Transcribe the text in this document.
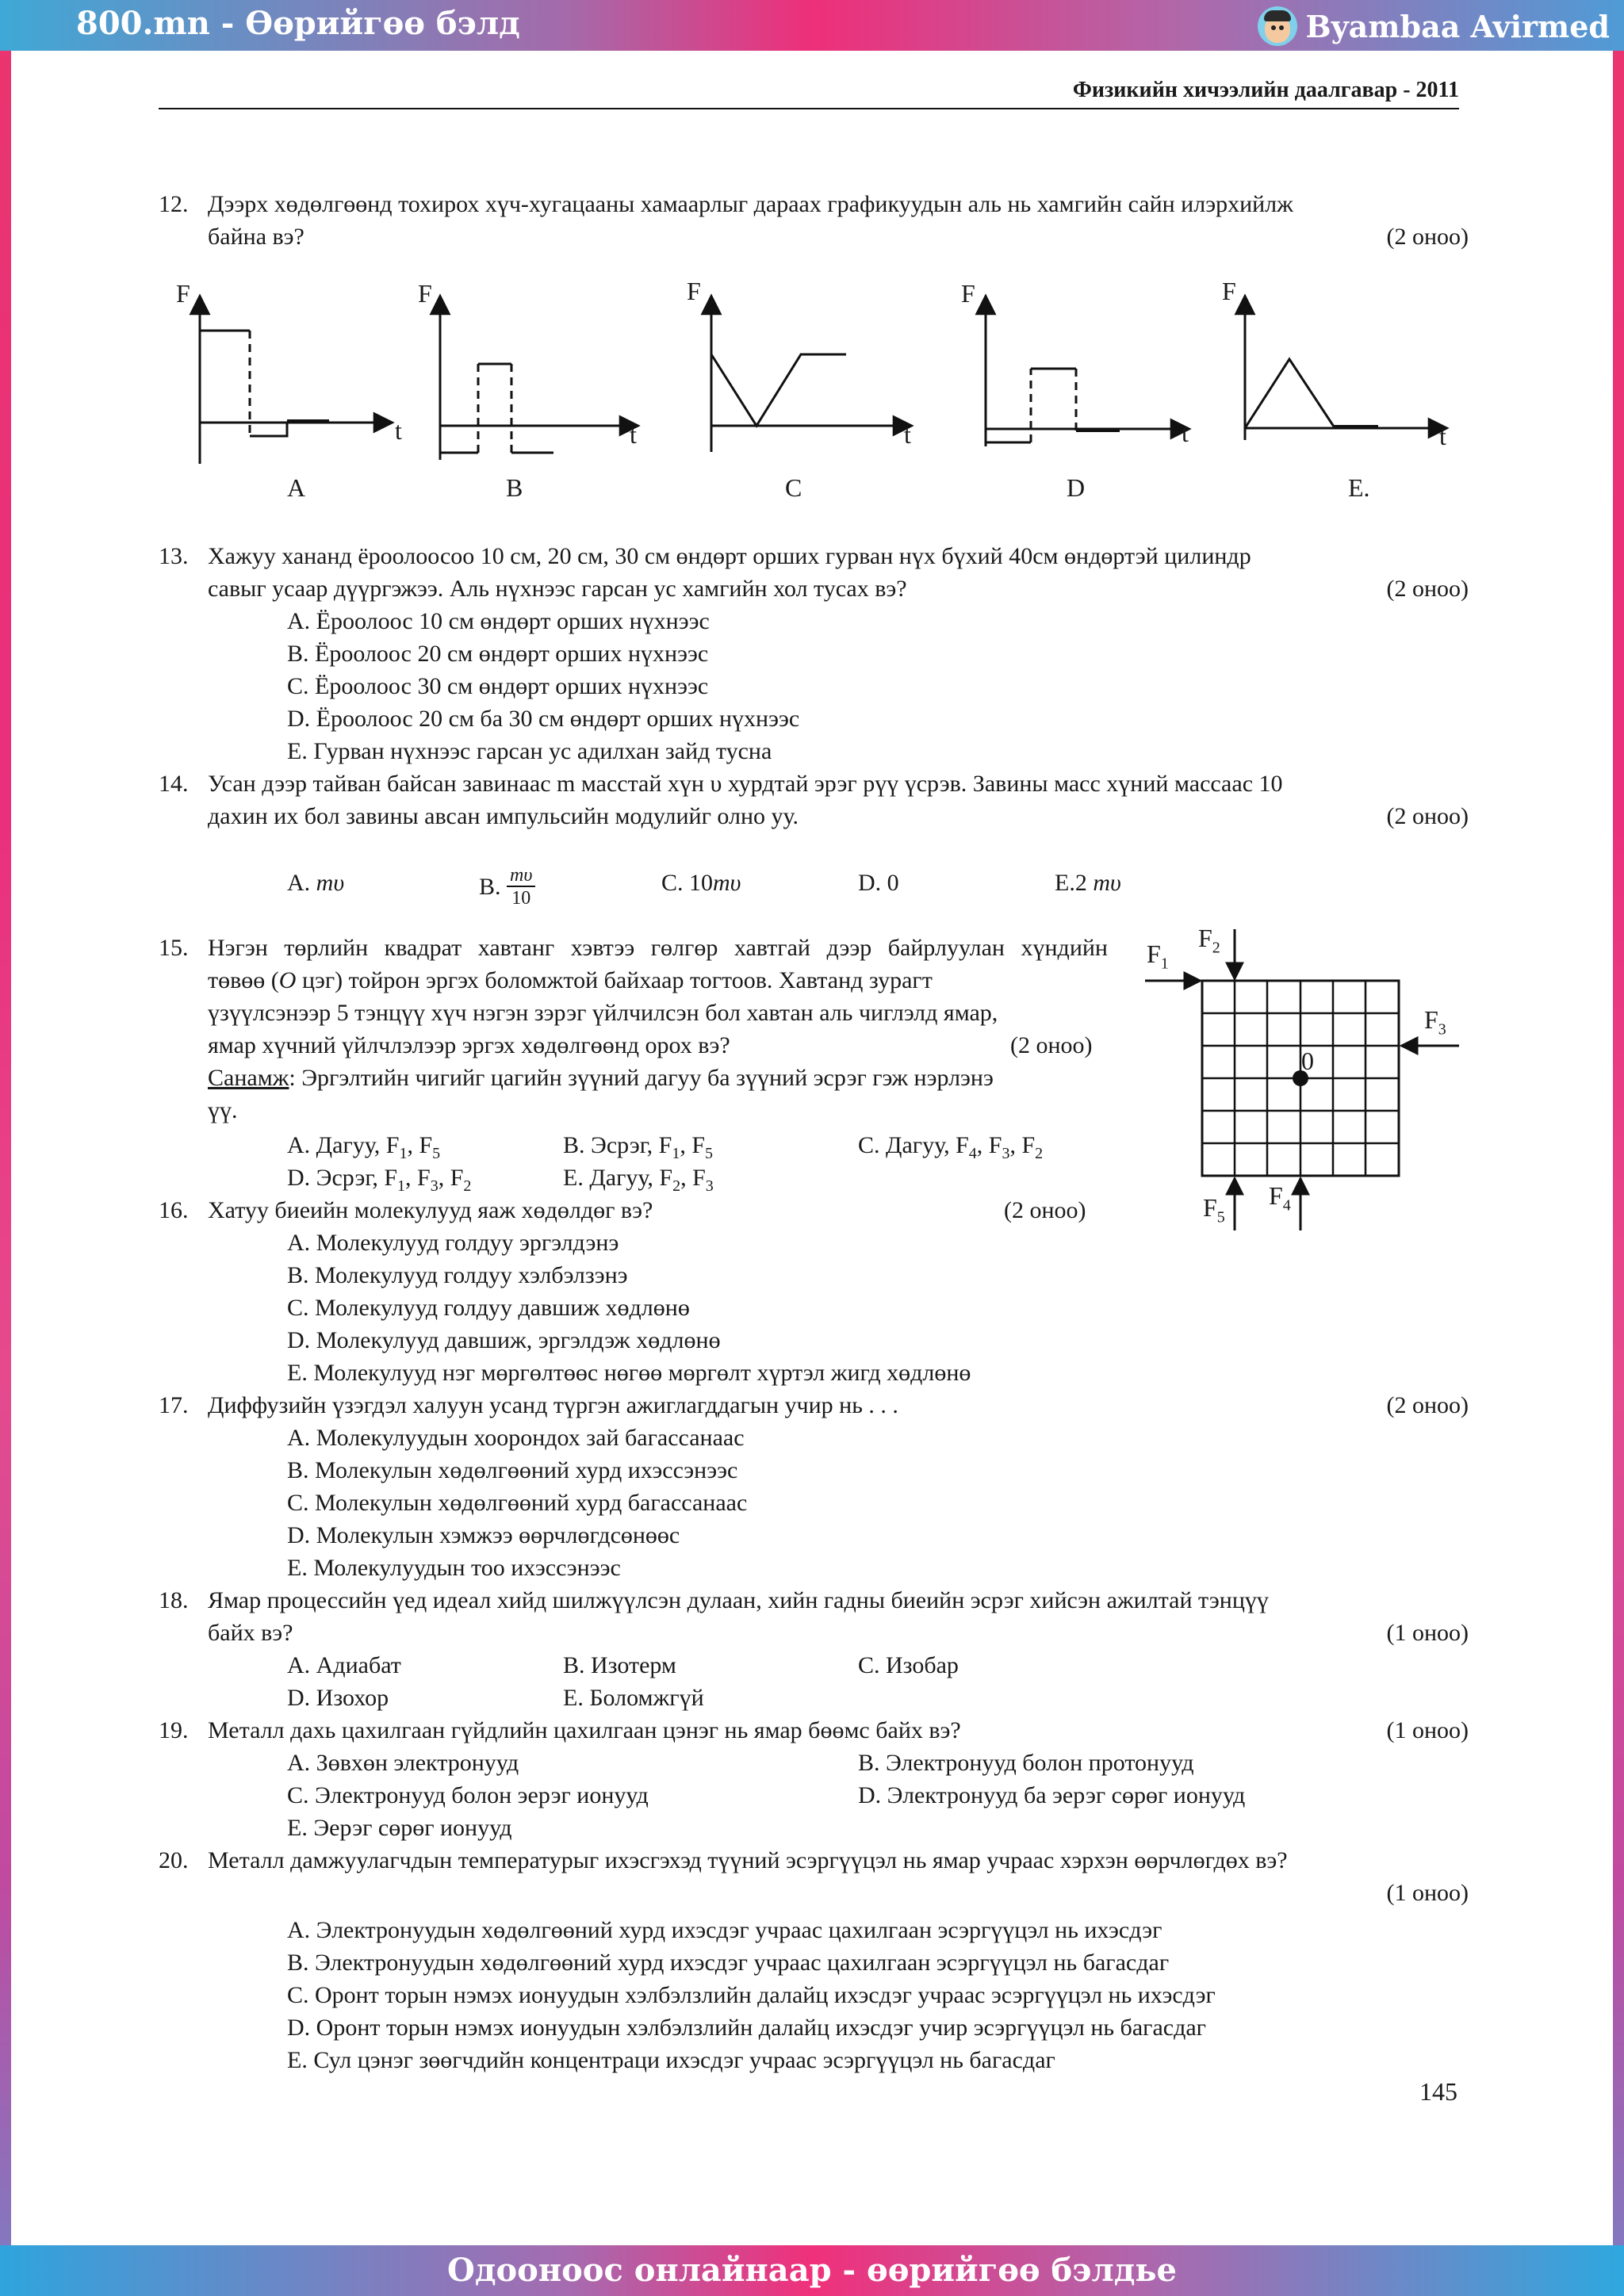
800.mn - Өөрийгөө бэлд	Byambaa Avirmed
Физикийн хичээлийн даалгавар - 2011
12. Дээрх хөдөлгөөнд тохирох хүч-хугацааны хамаарлыг дараах графикуудын аль нь хамгийн сайн илэрхийлж
байна вэ?	(2 оноо)
F
t
F
t
F
t
F
t
F
t
A	B	C	D	E.
13. Хажуу хананд ёроолоосоо 10 см, 20 см, 30 см өндөрт орших гурван нүх бүхий 40см өндөртэй цилиндр
савыг усаар дүүргэжээ. Аль нүхнээс гарсан ус хамгийн хол тусах вэ?	(2 оноо)
A. Ёроолоос 10 см өндөрт орших нүхнээс
B. Ёроолоос 20 см өндөрт орших нүхнээс
C. Ёроолоос 30 см өндөрт орших нүхнээс
D. Ёроолоос 20 см ба 30 см өндөрт орших нүхнээс
E. Гурван нүхнээс гарсан ус адилхан зайд тусна
14. Усан дээр тайван байсан завинаас m масстай хүн υ хурдтай эрэг рүү үсрэв. Завины масс хүний массаас 10
дахин их бол завины авсан импульсийн модулийг олно уу.	(2 оноо)
A. mυ	B. $\frac{m\upsilon}{10}$	C. 10mυ	D. 0	E.2 mυ
15. Нэгэн төрлийн квадрат хавтанг хэвтээ гөлгөр хавтгай дээр байрлуулан хүндийн
төвөө (O цэг) тойрон эргэх боломжтой байхаар тогтоов. Хавтанд зурагт
үзүүлсэнээр 5 тэнцүү хүч нэгэн зэрэг үйлчилсэн бол хавтан аль чиглэлд ямар,
ямар хүчний үйлчлэлээр эргэх хөдөлгөөнд орох вэ?	(2 оноо)
Санамж: Эргэлтийн чигийг цагийн зүүний дагуу ба зүүний эсрэг гэж нэрлэнэ
үү.
A. Дагуу, $F_1$, $F_5$	B. Эсрэг, $F_1$, $F_5$	C. Дагуу, $F_4$, $F_3$, $F_2$
D. Эсрэг, $F_1$, $F_3$, $F_2$	E. Дагуу, $F_2$, $F_3$
$F_1$
$F_2$
$F_3$
$F_4$
$F_5$
0
16. Хатуу биеийн молекулууд яаж хөдөлдөг вэ?	(2 оноо)
A. Молекулууд голдуу эргэлдэнэ
B. Молекулууд голдуу хэлбэлзэнэ
C. Молекулууд голдуу давшиж хөдлөнө
D. Молекулууд давшиж, эргэлдэж хөдлөнө
E. Молекулууд нэг мөргөлтөөс нөгөө мөргөлт хүртэл жигд хөдлөнө
17. Диффузийн үзэгдэл халуун усанд түргэн ажиглагддагын учир нь . . .	(2 оноо)
A. Молекулуудын хоорондох зай багассанаас
B. Молекулын хөдөлгөөний хурд ихэссэнээс
C. Молекулын хөдөлгөөний хурд багассанаас
D. Молекулын хэмжээ өөрчлөгдсөнөөс
E. Молекулуудын тоо ихэссэнээс
18. Ямар процессийн үед идеал хийд шилжүүлсэн дулаан, хийн гадны биеийн эсрэг хийсэн ажилтай тэнцүү
байх вэ?	(1 оноо)
A. Адиабат	B. Изотерм	C. Изобар
D. Изохор	E. Боломжгүй
19. Металл дахь цахилгаан гүйдлийн цахилгаан цэнэг нь ямар бөөмс байх вэ?	(1 оноо)
A. Зөвхөн электронууд	B. Электронууд болон протонууд
C. Электронууд болон эерэг ионууд	D. Электронууд ба эерэг сөрөг ионууд
E. Эерэг сөрөг ионууд
20. Металл дамжуулагчдын температурыг ихэсгэхэд түүний эсэргүүцэл нь ямар учраас хэрхэн өөрчлөгдөх вэ?
(1 оноо)
A. Электронуудын хөдөлгөөний хурд ихэсдэг учраас цахилгаан эсэргүүцэл нь ихэсдэг
B. Электронуудын хөдөлгөөний хурд ихэсдэг учраас цахилгаан эсэргүүцэл нь багасдаг
C. Оронт торын нэмэх ионуудын хэлбэлзлийн далайц ихэсдэг учраас эсэргүүцэл нь ихэсдэг
D. Оронт торын нэмэх ионуудын хэлбэлзлийн далайц ихэсдэг учир эсэргүүцэл нь багасдаг
E. Сул цэнэг зөөгчдийн концентраци ихэсдэг учраас эсэргүүцэл нь багасдаг
145
Одооноос онлайнаар - өөрийгөө бэлдье
